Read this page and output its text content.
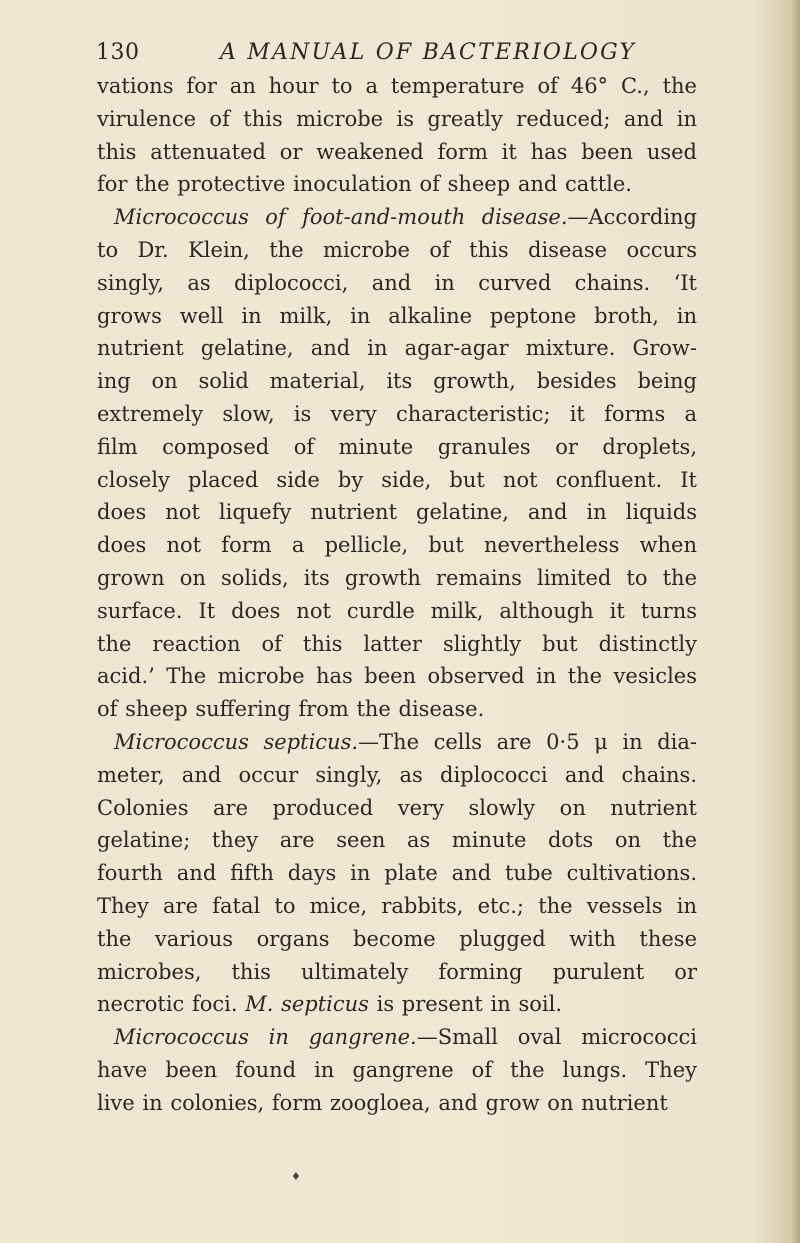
130	A MANUAL OF BACTERIOLOGY
vations for an hour to a temperature of 46° C., the
virulence of this microbe is greatly reduced; and in
this attenuated or weakened form it has been used
for the protective inoculation of sheep and cattle.
Micrococcus of foot-and-mouth disease.—According
to Dr. Klein, the microbe of this disease occurs
singly, as diplococci, and in curved chains. ‘It
grows well in milk, in alkaline peptone broth, in
nutrient gelatine, and in agar-agar mixture. Grow-
ing on solid material, its growth, besides being
extremely slow, is very characteristic; it forms a
film composed of minute granules or droplets,
closely placed side by side, but not confluent. It
does not liquefy nutrient gelatine, and in liquids
does not form a pellicle, but nevertheless when
grown on solids, its growth remains limited to the
surface. It does not curdle milk, although it turns
the reaction of this latter slightly but distinctly
acid.’ The microbe has been observed in the vesicles
of sheep suffering from the disease.
Micrococcus septicus.—The cells are 0·5 μ in dia-
meter, and occur singly, as diplococci and chains.
Colonies are produced very slowly on nutrient
gelatine; they are seen as minute dots on the
fourth and fifth days in plate and tube cultivations.
They are fatal to mice, rabbits, etc.; the vessels in
the various organs become plugged with these
microbes, this ultimately forming purulent or
necrotic foci. M. septicus is present in soil.
Micrococcus in gangrene.—Small oval micrococci
have been found in gangrene of the lungs. They
live in colonies, form zoogloea, and grow on nutrient
♦
